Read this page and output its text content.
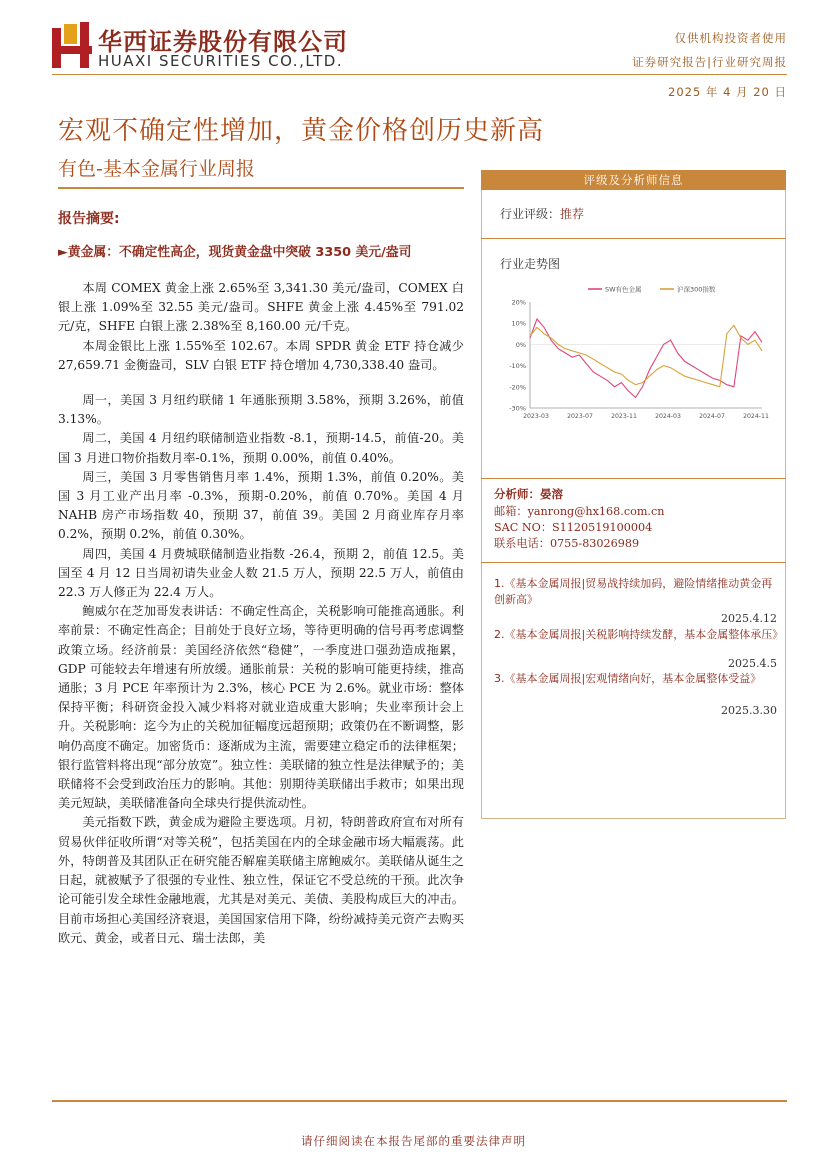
华西证券股份有限公司
HUAXI SECURITIES CO.,LTD.
仅供机构投资者使用
证券研究报告|行业研究周报
2025 年 4 月 20 日
宏观不确定性增加，黄金价格创历史新高
有色-基本金属行业周报
报告摘要:
►黄金属：不确定性高企，现货黄金盘中突破 3350 美元/盎司

本周 COMEX 黄金上涨 2.65%至 3,341.30 美元/盎司，COMEX 白银上涨 1.09%至 32.55 美元/盎司。SHFE 黄金上涨 4.45%至 791.02 元/克，SHFE 白银上涨 2.38%至 8,160.00 元/千克。

本周金银比上涨 1.55%至 102.67。本周 SPDR 黄金 ETF 持仓减少 27,659.71 金衡盎司，SLV 白银 ETF 持仓增加 4,730,338.40 盎司。

周一，美国 3 月纽约联储 1 年通胀预期 3.58%，预期 3.26%，前值 3.13%。

周二，美国 4 月纽约联储制造业指数 -8.1，预期-14.5，前值-20。美国 3 月进口物价指数月率-0.1%，预期 0.00%，前值 0.40%。

周三，美国 3 月零售销售月率 1.4%，预期 1.3%，前值 0.20%。美国 3 月工业产出月率 -0.3%，预期-0.20%，前值 0.70%。美国 4 月 NAHB 房产市场指数 40，预期 37，前值 39。美国 2 月商业库存月率 0.2%，预期 0.2%，前值 0.30%。

周四，美国 4 月费城联储制造业指数 -26.4，预期 2，前值 12.5。美国至 4 月 12 日当周初请失业金人数 21.5 万人，预期 22.5 万人，前值由 22.3 万人修正为 22.4 万人。

鲍威尔在芝加哥发表讲话：不确定性高企，关税影响可能推高通胀。利率前景：不确定性高企；目前处于良好立场，等待更明确的信号再考虑调整政策立场。经济前景：美国经济依然“稳健”，一季度进口强劲造成拖累，GDP 可能较去年增速有所放缓。通胀前景：关税的影响可能更持续，推高通胀；3 月 PCE 年率预计为 2.3%，核心 PCE 为 2.6%。就业市场：整体保持平衡；科研资金投入减少料将对就业造成重大影响；失业率预计会上升。关税影响：迄今为止的关税加征幅度远超预期；政策仍在不断调整，影响仍高度不确定。加密货币：逐渐成为主流，需要建立稳定币的法律框架；银行监管料将出现“部分放宽”。独立性：美联储的独立性是法律赋予的；美联储将不会受到政治压力的影响。其他：别期待美联储出手救市；如果出现美元短缺，美联储准备向全球央行提供流动性。

美元指数下跌，黄金成为避险主要选项。月初，特朗普政府宣布对所有贸易伙伴征收所谓“对等关税”，包括美国在内的全球金融市场大幅震荡。此外，特朗普及其团队正在研究能否解雇美联储主席鲍威尔。美联储从诞生之日起，就被赋予了很强的专业性、独立性，保证它不受总统的干预。此次争论可能引发全球性金融地震，尤其是对美元、美债、美股构成巨大的冲击。目前市场担心美国经济衰退，美国国家信用下降，纷纷减持美元资产去购买欧元、黄金，或者日元、瑞士法郎，美

评级及分析师信息
行业评级：推荐
行业走势图
20%
10%
0%
-10%
-20%
-30%
2023-03	2023-07	2023-11	2024-03	2024-07	2024-11
SW有色金属	沪深300指数
分析师：晏溶
邮箱：yanrong@hx168.com.cn
SAC NO：S1120519100004
联系电话：0755-83026989
1.《基本金属周报|贸易战持续加码，避险情绪推动黄金再创新高》
2025.4.12
2.《基本金属周报|关税影响持续发酵，基本金属整体承压》
2025.4.5
3.《基本金属周报|宏观情绪向好，基本金属整体受益》
2025.3.30
请仔细阅读在本报告尾部的重要法律声明
